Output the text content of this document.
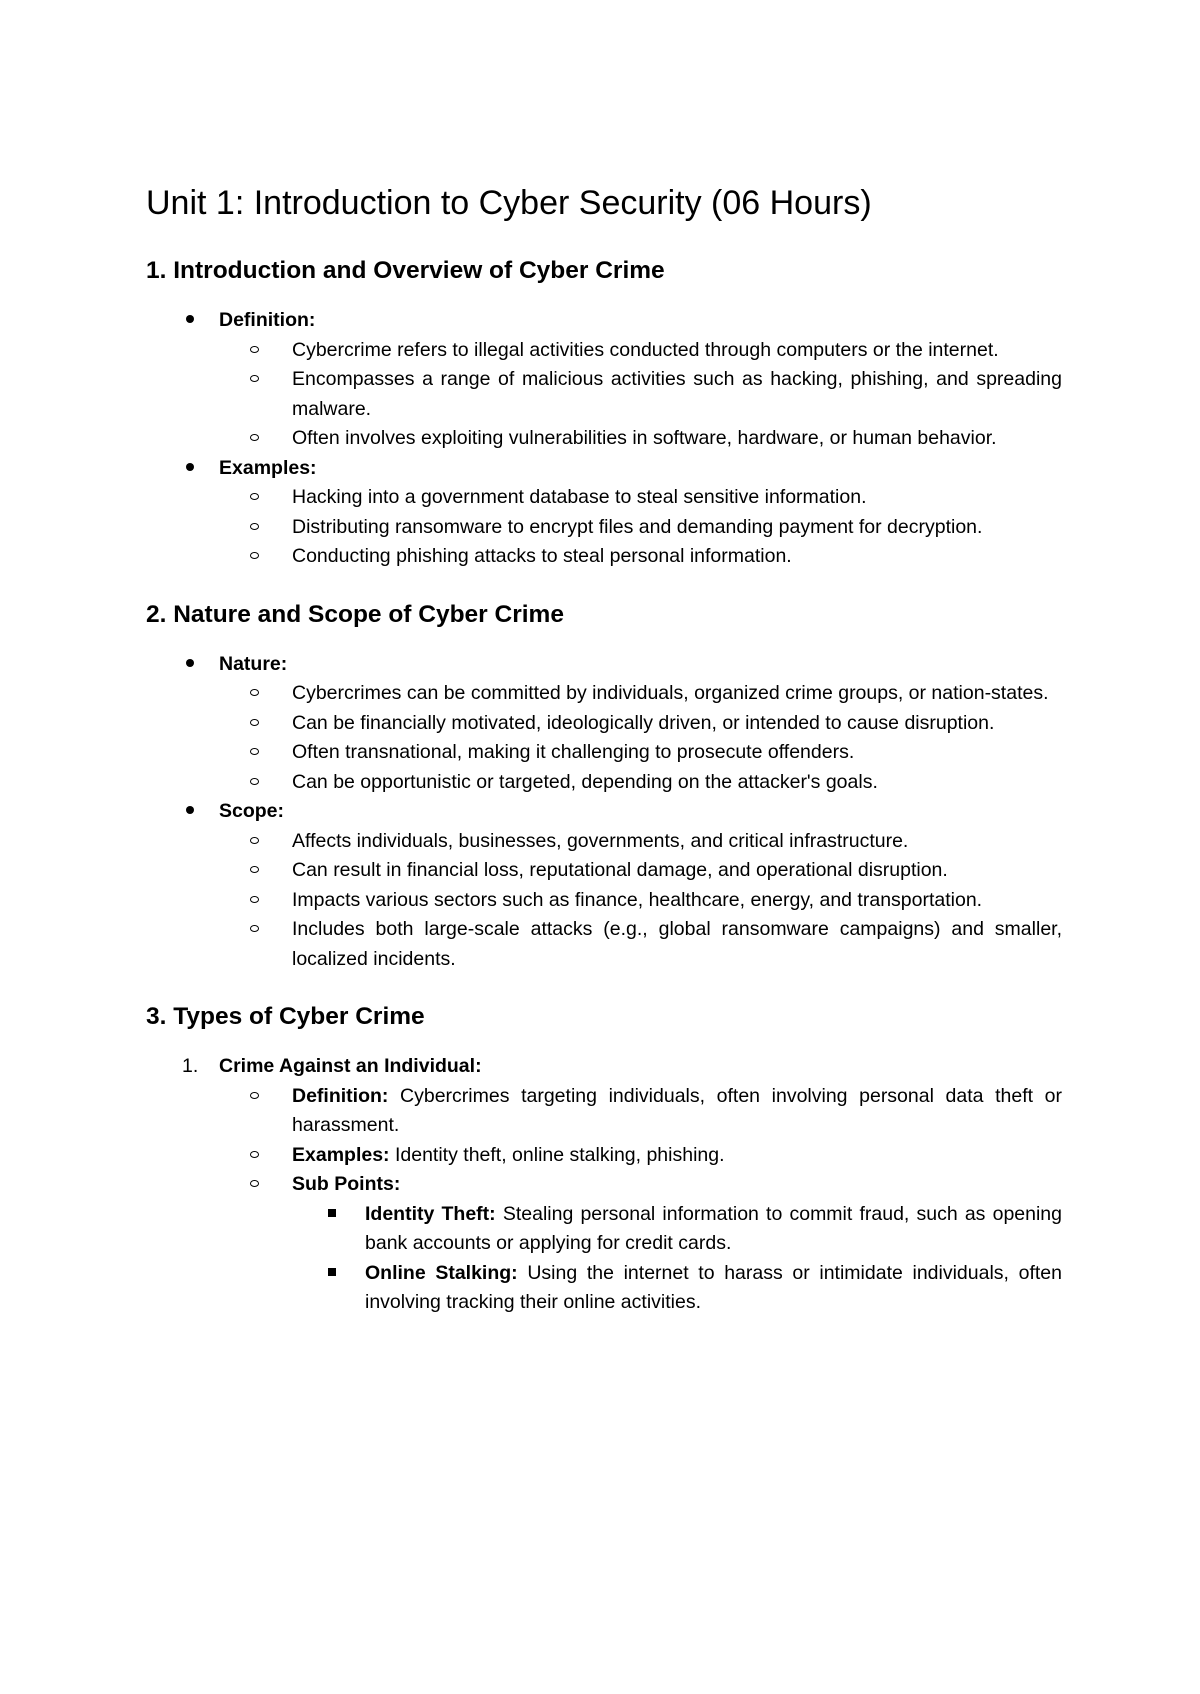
Unit 1: Introduction to Cyber Security (06 Hours)
1. Introduction and Overview of Cyber Crime
Definition:
Cybercrime refers to illegal activities conducted through computers or the internet.
Encompasses a range of malicious activities such as hacking, phishing, and spreading malware.
Often involves exploiting vulnerabilities in software, hardware, or human behavior.
Examples:
Hacking into a government database to steal sensitive information.
Distributing ransomware to encrypt files and demanding payment for decryption.
Conducting phishing attacks to steal personal information.
2. Nature and Scope of Cyber Crime
Nature:
Cybercrimes can be committed by individuals, organized crime groups, or nation-states.
Can be financially motivated, ideologically driven, or intended to cause disruption.
Often transnational, making it challenging to prosecute offenders.
Can be opportunistic or targeted, depending on the attacker's goals.
Scope:
Affects individuals, businesses, governments, and critical infrastructure.
Can result in financial loss, reputational damage, and operational disruption.
Impacts various sectors such as finance, healthcare, energy, and transportation.
Includes both large-scale attacks (e.g., global ransomware campaigns) and smaller, localized incidents.
3. Types of Cyber Crime
1. Crime Against an Individual:
Definition: Cybercrimes targeting individuals, often involving personal data theft or harassment.
Examples: Identity theft, online stalking, phishing.
Sub Points:
Identity Theft: Stealing personal information to commit fraud, such as opening bank accounts or applying for credit cards.
Online Stalking: Using the internet to harass or intimidate individuals, often involving tracking their online activities.
